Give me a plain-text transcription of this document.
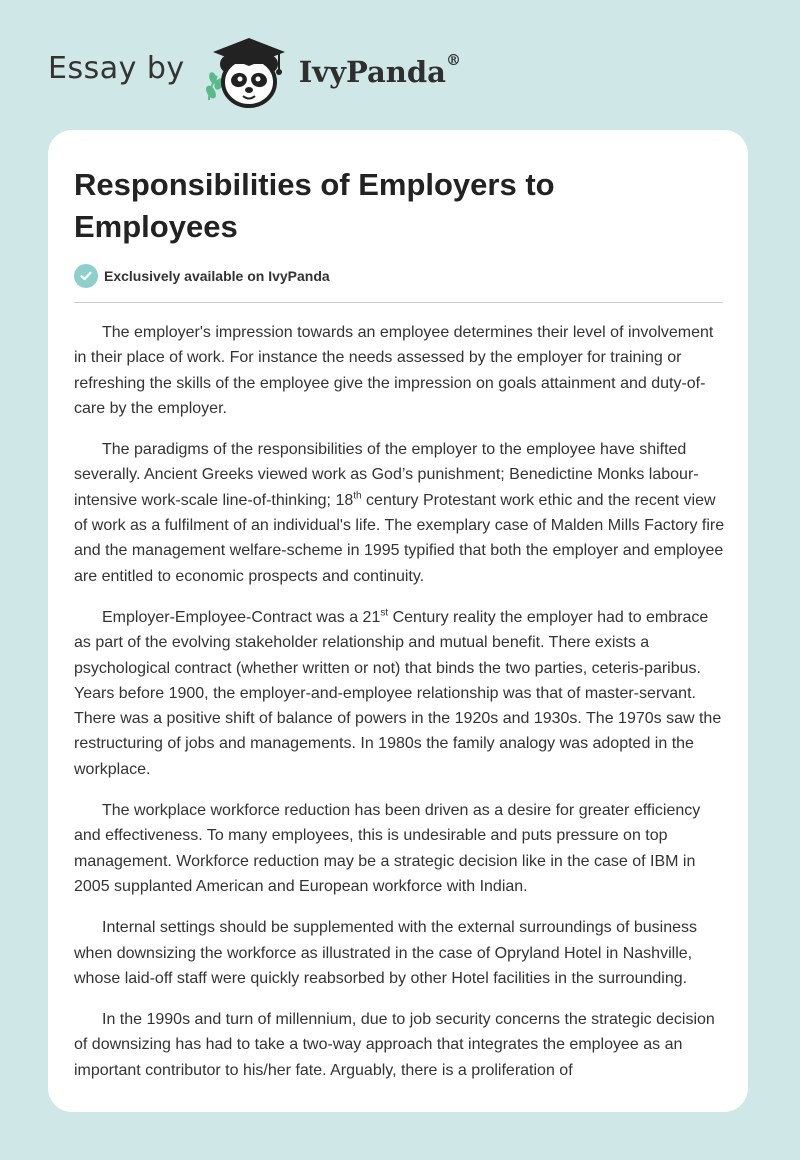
Essay by	IvyPanda®
Responsibilities of Employers to Employees
Exclusively available on IvyPanda

The employer's impression towards an employee determines their level of involvement in their place of work. For instance the needs assessed by the employer for training or refreshing the skills of the employee give the impression on goals attainment and duty-of-care by the employer.

The paradigms of the responsibilities of the employer to the employee have shifted severally. Ancient Greeks viewed work as God’s punishment; Benedictine Monks labour-intensive work-scale line-of-thinking; 18th century Protestant work ethic and the recent view of work as a fulfilment of an individual's life. The exemplary case of Malden Mills Factory fire and the management welfare-scheme in 1995 typified that both the employer and employee are entitled to economic prospects and continuity.

Employer-Employee-Contract was a 21st Century reality the employer had to embrace as part of the evolving stakeholder relationship and mutual benefit. There exists a psychological contract (whether written or not) that binds the two parties, ceteris-paribus. Years before 1900, the employer-and-employee relationship was that of master-servant. There was a positive shift of balance of powers in the 1920s and 1930s. The 1970s saw the restructuring of jobs and managements. In 1980s the family analogy was adopted in the workplace.

The workplace workforce reduction has been driven as a desire for greater efficiency and effectiveness. To many employees, this is undesirable and puts pressure on top management. Workforce reduction may be a strategic decision like in the case of IBM in 2005 supplanted American and European workforce with Indian.

Internal settings should be supplemented with the external surroundings of business when downsizing the workforce as illustrated in the case of Opryland Hotel in Nashville, whose laid-off staff were quickly reabsorbed by other Hotel facilities in the surrounding.

In the 1990s and turn of millennium, due to job security concerns the strategic decision of downsizing has had to take a two-way approach that integrates the employee as an important contributor to his/her fate. Arguably, there is a proliferation of
